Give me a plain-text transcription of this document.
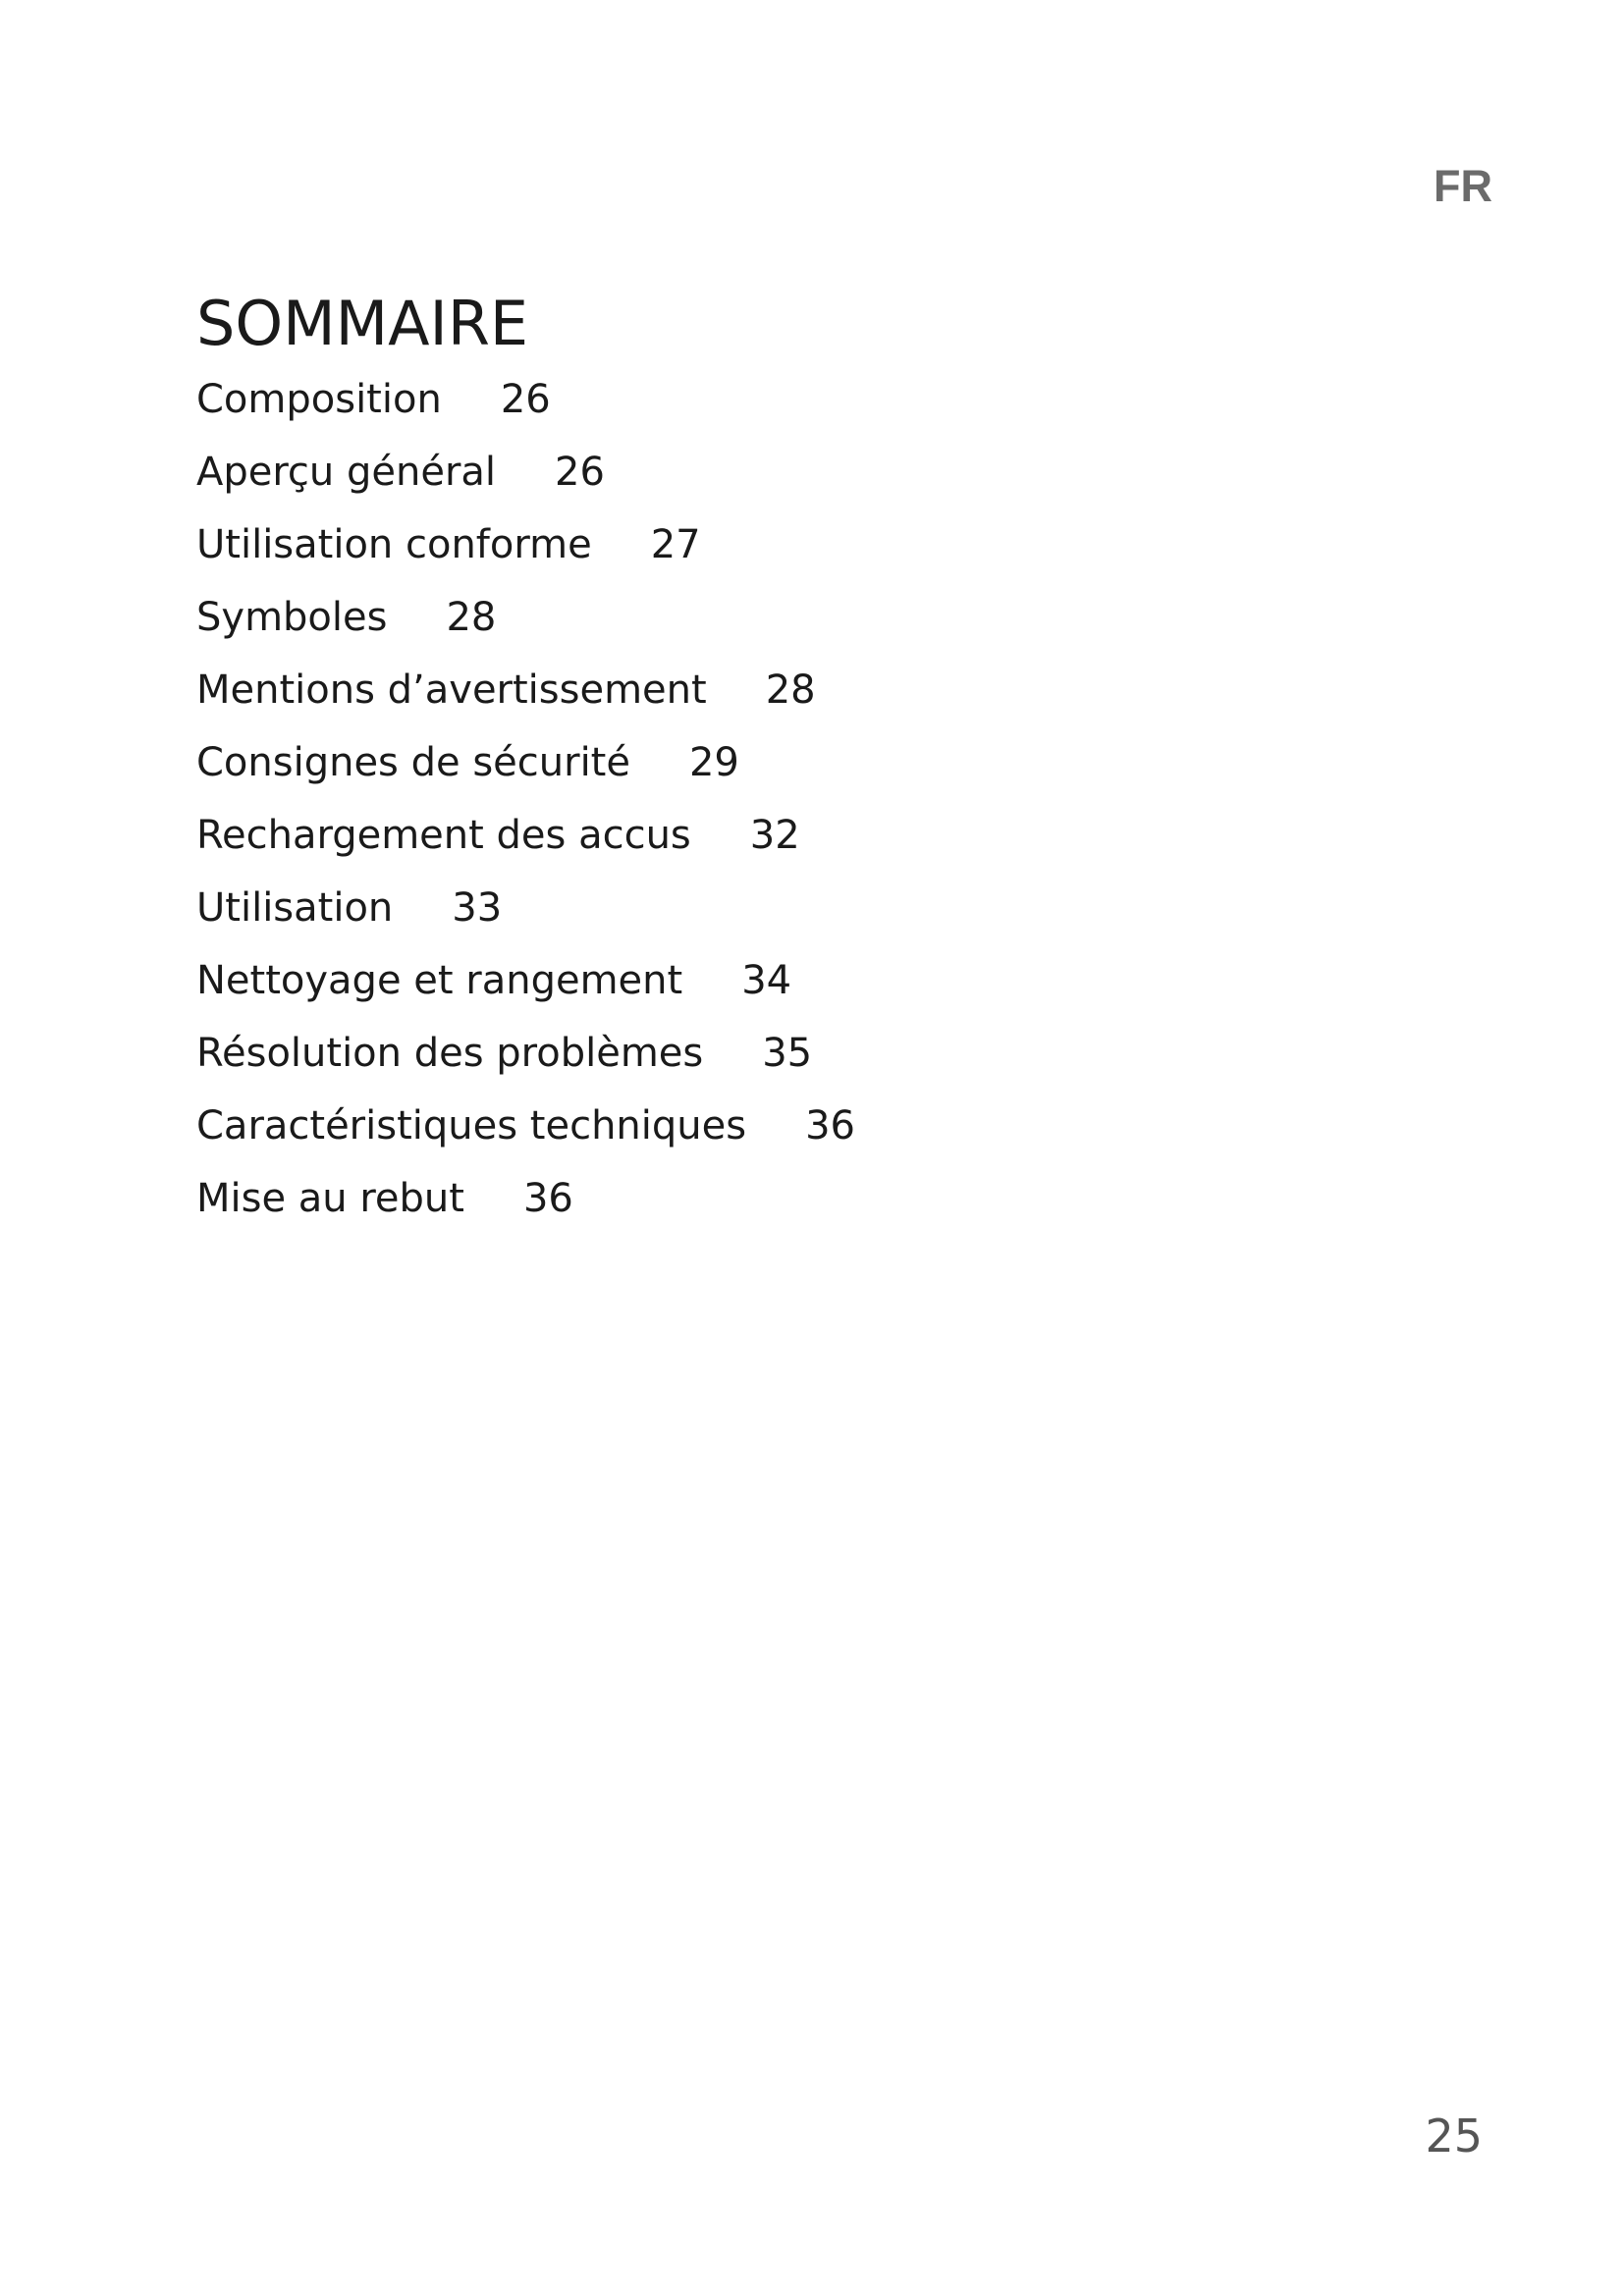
FR
SOMMAIRE
Composition 26
Aperçu général 26
Utilisation conforme 27
Symboles 28
Mentions d’avertissement 28
Consignes de sécurité 29
Rechargement des accus 32
Utilisation 33
Nettoyage et rangement 34
Résolution des problèmes 35
Caractéristiques techniques 36
Mise au rebut 36
25
